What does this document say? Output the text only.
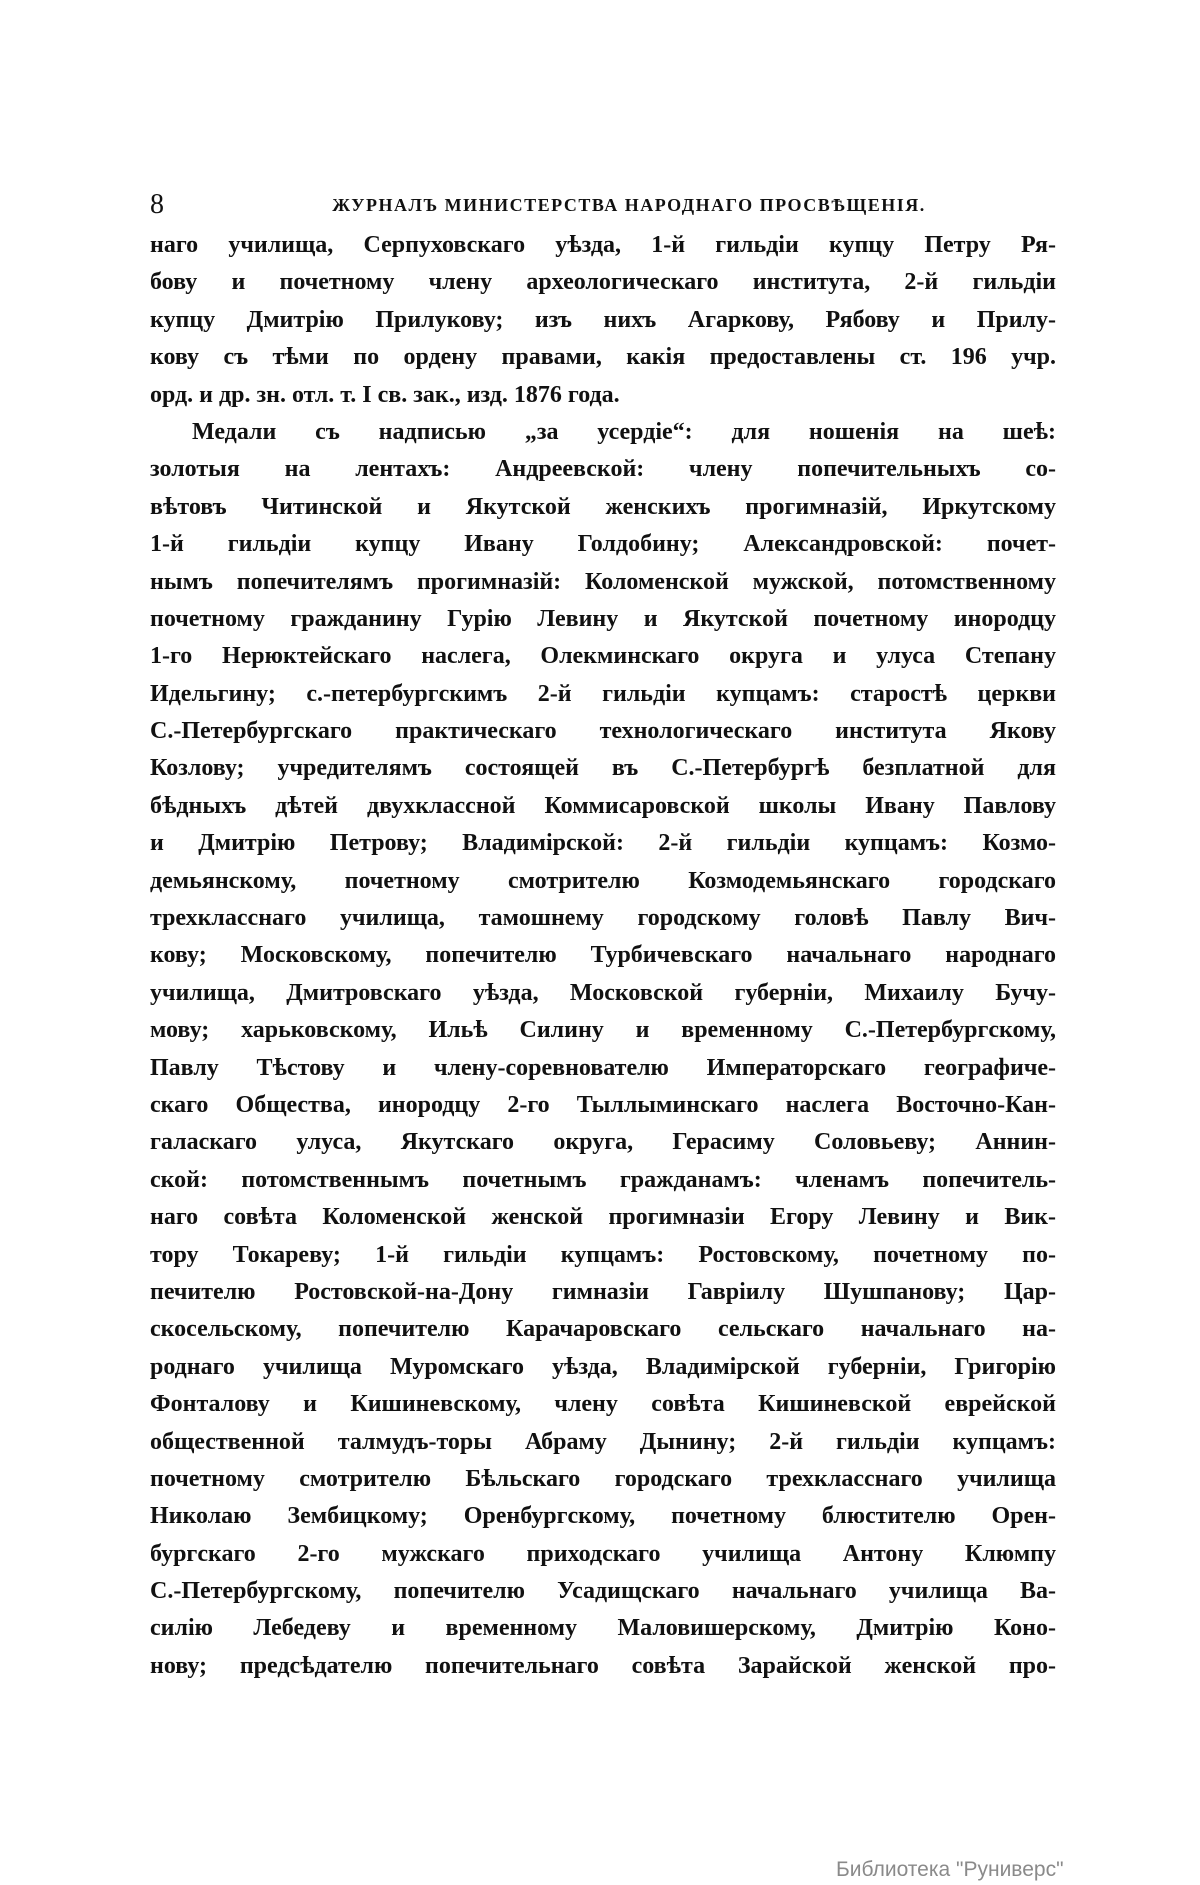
8	ЖУРНАЛЪ МИНИСТЕРСТВА НАРОДНАГО ПРОСВѢЩЕНІЯ.
наго училища, Серпуховскаго уѣзда, 1-й гильдіи купцу Петру Ря-
бову и почетному члену археологическаго института, 2-й гильдіи
купцу Дмитрію Прилукову; изъ нихъ Агаркову, Рябову и Прилу-
кову съ тѣми по ордену правами, какія предоставлены ст. 196 учр.
орд. и др. зн. отл. т. I св. зак., изд. 1876 года.
Медали съ надписью „за усердіе“: для ношенія на шеѣ:
золотыя на лентахъ: Андреевской: члену попечительныхъ со-
вѣтовъ Читинской и Якутской женскихъ прогимназій, Иркутскому
1-й гильдіи купцу Ивану Голдобину; Александровской: почет-
нымъ попечителямъ прогимназій: Коломенской мужской, потомственному
почетному гражданину Гурію Левину и Якутской почетному инородцу
1-го Нерюктейскаго наслега, Олекминскаго округа и улуса Степану
Идельгину; с.-петербургскимъ 2-й гильдіи купцамъ: старостѣ церкви
С.-Петербургскаго практическаго технологическаго института Якову
Козлову; учредителямъ состоящей въ С.-Петербургѣ безплатной для
бѣдныхъ дѣтей двухклассной Коммисаровской школы Ивану Павлову
и Дмитрію Петрову; Владимірской: 2-й гильдіи купцамъ: Козмо-
демьянскому, почетному смотрителю Козмодемьянскаго городскаго
трехкласснаго училища, тамошнему городскому головѣ Павлу Вич-
кову; Московскому, попечителю Турбичевскаго начальнаго народнаго
училища, Дмитровскаго уѣзда, Московской губерніи, Михаилу Бучу-
мову; харьковскому, Ильѣ Силину и временному С.-Петербургскому,
Павлу Тѣстову и члену-соревнователю Императорскаго географиче-
скаго Общества, инородцу 2-го Тыллыминскаго наслега Восточно-Кан-
галаскаго улуса, Якутскаго округа, Герасиму Соловьеву; Аннин-
ской: потомственнымъ почетнымъ гражданамъ: членамъ попечитель-
наго совѣта Коломенской женской прогимназіи Егору Левину и Вик-
тору Токареву; 1-й гильдіи купцамъ: Ростовскому, почетному по-
печителю Ростовской-на-Дону гимназіи Гавріилу Шушпанову; Цар-
скосельскому, попечителю Карачаровскаго сельскаго начальнаго на-
роднаго училища Муромскаго уѣзда, Владимірской губерніи, Григорію
Фонталову и Кишиневскому, члену совѣта Кишиневской еврейской
общественной талмудъ-торы Абраму Дынину; 2-й гильдіи купцамъ:
почетному смотрителю Бѣльскаго городскаго трехкласснаго училища
Николаю Зембицкому; Оренбургскому, почетному блюстителю Орен-
бургскаго 2-го мужскаго приходскаго училища Антону Клюмпу
С.-Петербургскому, попечителю Усадищскаго начальнаго училища Ва-
силію Лебедеву и временному Маловишерскому, Дмитрію Коно-
нову; предсѣдателю попечительнаго совѣта Зарайской женской про-
Библиотека "Руниверс"
